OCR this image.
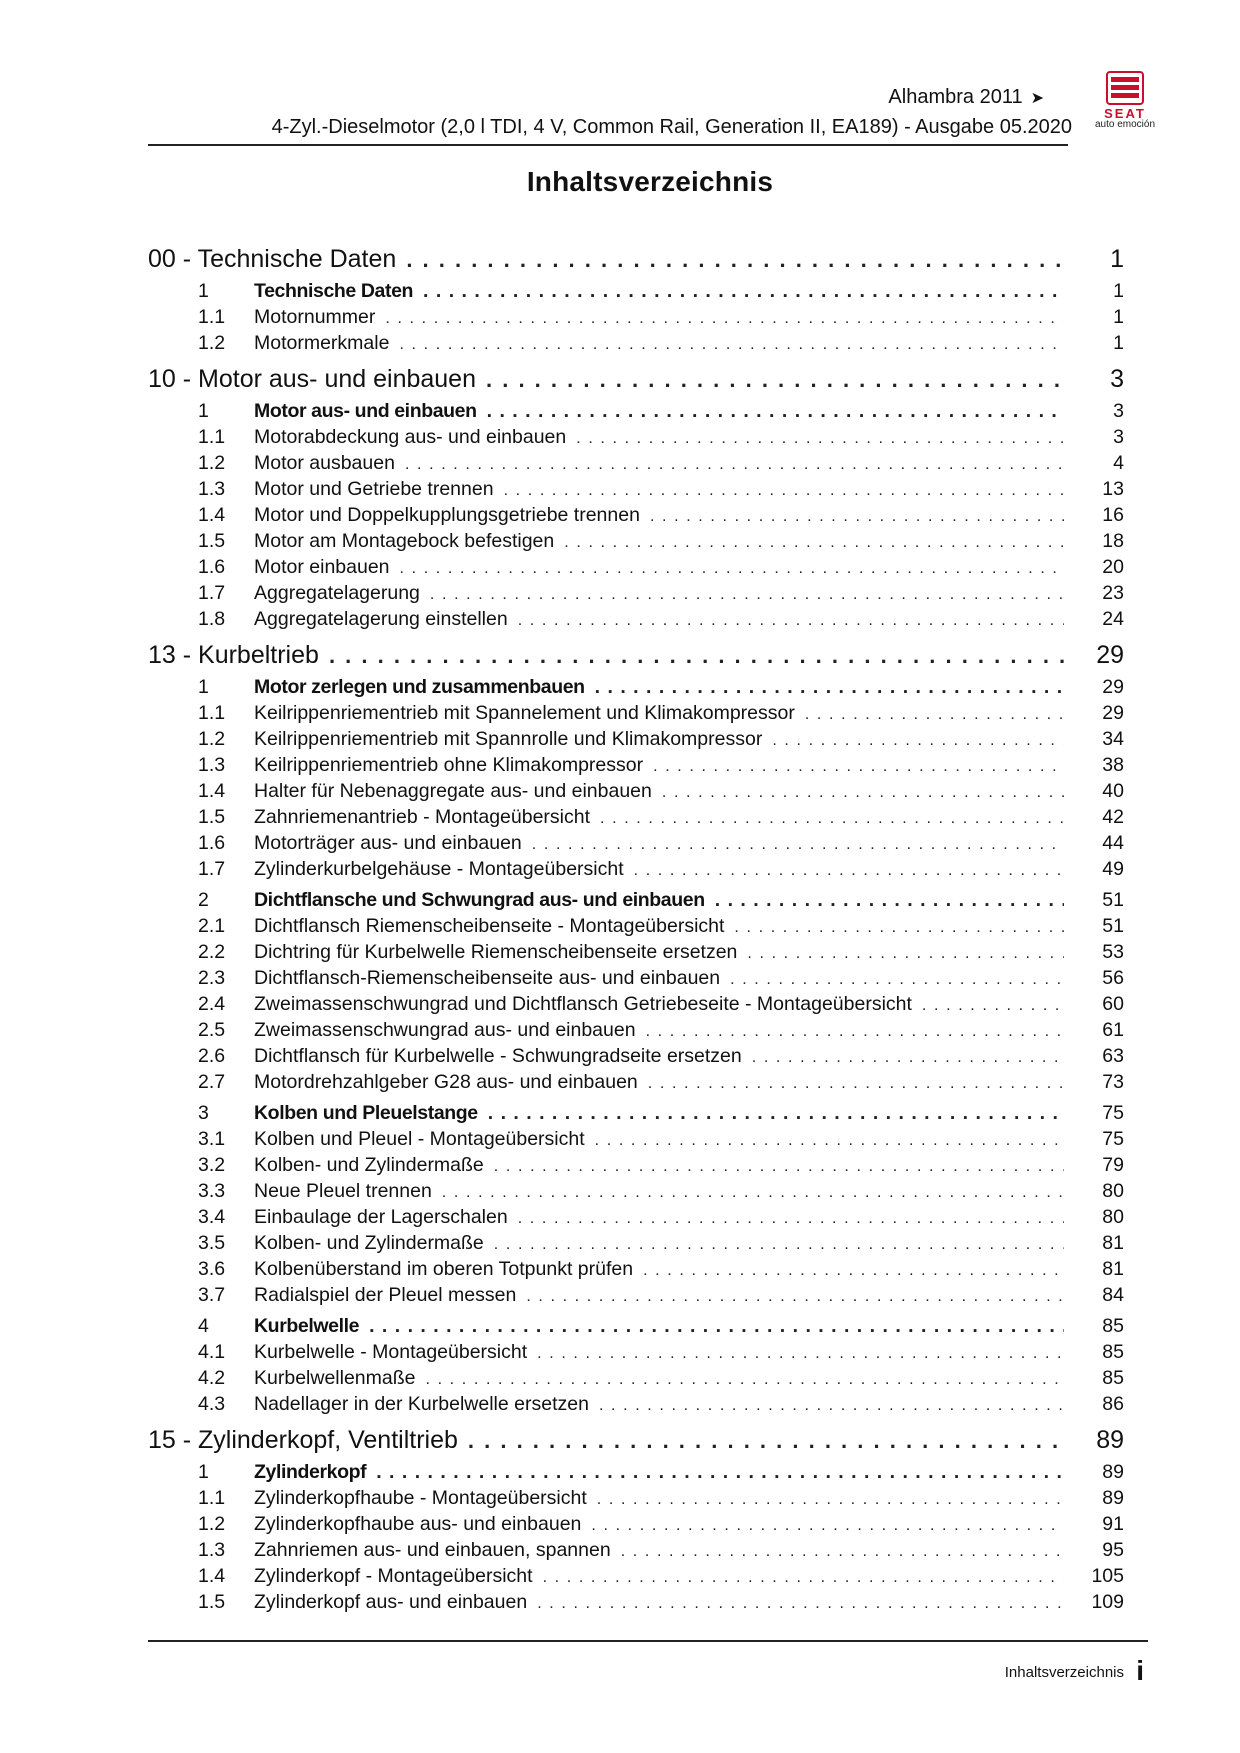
Alhambra 2011 ➤
4-Zyl.-Dieselmotor (2,0 l TDI, 4 V, Common Rail, Generation II, EA189) - Ausgabe 05.2020
SEAT
auto emoción
Inhaltsverzeichnis
00 - Technische Daten . . .	1
1	Technische Daten . . .	1
1.1	Motornummer . . .	1
1.2	Motormerkmale . . .	1
10 - Motor aus- und einbauen . . .	3
1	Motor aus- und einbauen . . .	3
1.1	Motorabdeckung aus- und einbauen . . .	3
1.2	Motor ausbauen . . .	4
1.3	Motor und Getriebe trennen . . .	13
1.4	Motor und Doppelkupplungsgetriebe trennen . . .	16
1.5	Motor am Montagebock befestigen . . .	18
1.6	Motor einbauen . . .	20
1.7	Aggregatelagerung . . .	23
1.8	Aggregatelagerung einstellen . . .	24
13 - Kurbeltrieb . . .	29
1	Motor zerlegen und zusammenbauen . . .	29
1.1	Keilrippenriementrieb mit Spannelement und Klimakompressor . . .	29
1.2	Keilrippenriementrieb mit Spannrolle und Klimakompressor . . .	34
1.3	Keilrippenriementrieb ohne Klimakompressor . . .	38
1.4	Halter für Nebenaggregate aus- und einbauen . . .	40
1.5	Zahnriemenantrieb - Montageübersicht . . .	42
1.6	Motorträger aus- und einbauen . . .	44
1.7	Zylinderkurbelgehäuse - Montageübersicht . . .	49
2	Dichtflansche und Schwungrad aus- und einbauen . . .	51
2.1	Dichtflansch Riemenscheibenseite - Montageübersicht . . .	51
2.2	Dichtring für Kurbelwelle Riemenscheibenseite ersetzen . . .	53
2.3	Dichtflansch-Riemenscheibenseite aus- und einbauen . . .	56
2.4	Zweimassenschwungrad und Dichtflansch Getriebeseite - Montageübersicht . . .	60
2.5	Zweimassenschwungrad aus- und einbauen . . .	61
2.6	Dichtflansch für Kurbelwelle - Schwungradseite ersetzen . . .	63
2.7	Motordrehzahlgeber G28 aus- und einbauen . . .	73
3	Kolben und Pleuelstange . . .	75
3.1	Kolben und Pleuel - Montageübersicht . . .	75
3.2	Kolben- und Zylindermaße . . .	79
3.3	Neue Pleuel trennen . . .	80
3.4	Einbaulage der Lagerschalen . . .	80
3.5	Kolben- und Zylindermaße . . .	81
3.6	Kolbenüberstand im oberen Totpunkt prüfen . . .	81
3.7	Radialspiel der Pleuel messen . . .	84
4	Kurbelwelle . . .	85
4.1	Kurbelwelle - Montageübersicht . . .	85
4.2	Kurbelwellenmaße . . .	85
4.3	Nadellager in der Kurbelwelle ersetzen . . .	86
15 - Zylinderkopf, Ventiltrieb . . .	89
1	Zylinderkopf . . .	89
1.1	Zylinderkopfhaube - Montageübersicht . . .	89
1.2	Zylinderkopfhaube aus- und einbauen . . .	91
1.3	Zahnriemen aus- und einbauen, spannen . . .	95
1.4	Zylinderkopf - Montageübersicht . . .	105
1.5	Zylinderkopf aus- und einbauen . . .	109
Inhaltsverzeichnis i
